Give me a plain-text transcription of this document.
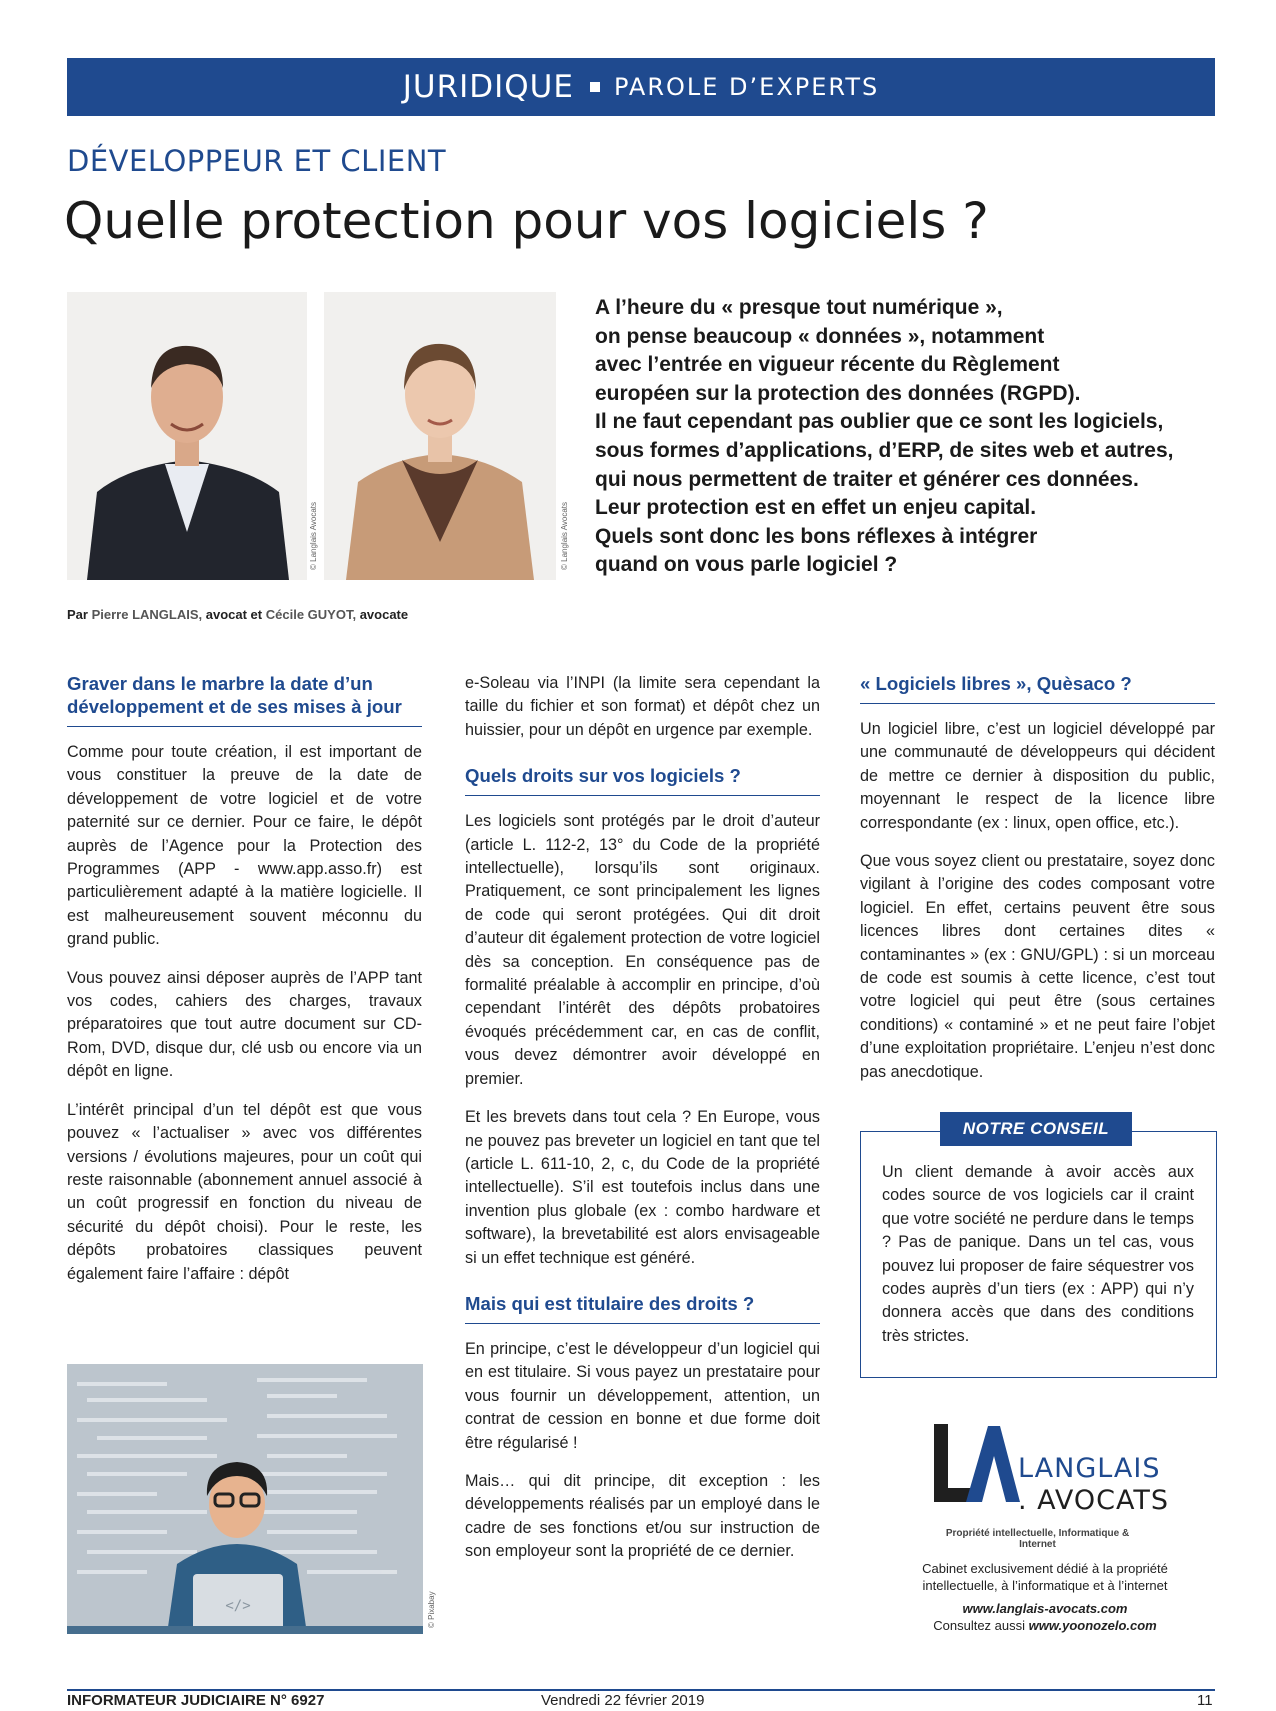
JURIDIQUE PAROLE D’EXPERTS
DÉVELOPPEUR ET CLIENT
Quelle protection pour vos logiciels ?
© Langlais Avocats	© Langlais Avocats

A l’heure du « presque tout numérique »,

on pense beaucoup « données », notamment

avec l’entrée en vigueur récente du Règlement

européen sur la protection des données (RGPD).

Il ne faut cependant pas oublier que ce sont les logiciels,

sous formes d’applications, d’ERP, de sites web et autres,

qui nous permettent de traiter et générer ces données.

Leur protection est en effet un enjeu capital.

Quels sont donc les bons réflexes à intégrer

quand on vous parle logiciel ?

Par Pierre LANGLAIS, avocat et Cécile GUYOT, avocate
Graver dans le marbre la date d’un développement et de ses mises à jour

Comme pour toute création, il est important de vous constituer la preuve de la date de développement de votre logiciel et de votre paternité sur ce dernier. Pour ce faire, le dépôt auprès de l’Agence pour la Protection des Programmes (APP - www.app.asso.fr) est particulièrement adapté à la matière logicielle. Il est malheureusement souvent méconnu du grand public.

Vous pouvez ainsi déposer auprès de l’APP tant vos codes, cahiers des charges, travaux préparatoires que tout autre document sur CD-Rom, DVD, disque dur, clé usb ou encore via un dépôt en ligne.

L’intérêt principal d’un tel dépôt est que vous pouvez « l’actualiser » avec vos différentes versions / évolutions majeures, pour un coût qui reste raisonnable (abonnement annuel associé à un coût progressif en fonction du niveau de sécurité du dépôt choisi). Pour le reste, les dépôts probatoires classiques peuvent également faire l’affaire : dépôt

</>	© Pixabay

e-Soleau via l’INPI (la limite sera cependant la taille du fichier et son format) et dépôt chez un huissier, pour un dépôt en urgence par exemple.

Quels droits sur vos logiciels ?

Les logiciels sont protégés par le droit d’auteur (article L. 112-2, 13° du Code de la propriété intellectuelle), lorsqu’ils sont originaux. Pratiquement, ce sont principalement les lignes de code qui seront protégées. Qui dit droit d’auteur dit également protection de votre logiciel dès sa conception. En conséquence pas de formalité préalable à accomplir en principe, d’où cependant l’intérêt des dépôts probatoires évoqués précédemment car, en cas de conflit, vous devez démontrer avoir développé en premier.

Et les brevets dans tout cela ? En Europe, vous ne pouvez pas breveter un logiciel en tant que tel (article L. 611-10, 2, c, du Code de la propriété intellectuelle). S’il est toutefois inclus dans une invention plus globale (ex : combo hardware et software), la brevetabilité est alors envisageable si un effet technique est généré.

Mais qui est titulaire des droits ?

En principe, c’est le développeur d’un logiciel qui en est titulaire. Si vous payez un prestataire pour vous fournir un développement, attention, un contrat de cession en bonne et due forme doit être régularisé !

Mais… qui dit principe, dit exception : les développements réalisés par un employé dans le cadre de ses fonctions et/ou sur instruction de son employeur sont la propriété de ce dernier.

« Logiciels libres », Quèsaco ?

Un logiciel libre, c’est un logiciel développé par une communauté de développeurs qui décident de mettre ce dernier à disposition du public, moyennant le respect de la licence libre correspondante (ex : linux, open office, etc.).

Que vous soyez client ou prestataire, soyez donc vigilant à l’origine des codes composant votre logiciel. En effet, certains peuvent être sous licences libres dont certaines dites « contaminantes » (ex : GNU/GPL) : si un morceau de code est soumis à cette licence, c’est tout votre logiciel qui peut être (sous certaines conditions) « contaminé » et ne peut faire l’objet d’une exploitation propriétaire. L’enjeu n’est donc pas anecdotique.

NOTRE CONSEIL
Un client demande à avoir accès aux codes source de vos logiciels car il craint que votre société ne perdure dans le temps ? Pas de panique. Dans un tel cas, vous pouvez lui proposer de faire séquestrer vos codes auprès d’un tiers (ex : APP) qui n’y donnera accès que dans des conditions très strictes.
LANGLAIS
. AVOCATS
Propriété intellectuelle, Informatique & Internet
Cabinet exclusivement dédié à la propriété
intellectuelle, à l’informatique et à l’internet
www.langlais-avocats.com
Consultez aussi www.yoonozelo.com
INFORMATEUR JUDICIAIRE N° 6927	Vendredi 22 février 2019	11
